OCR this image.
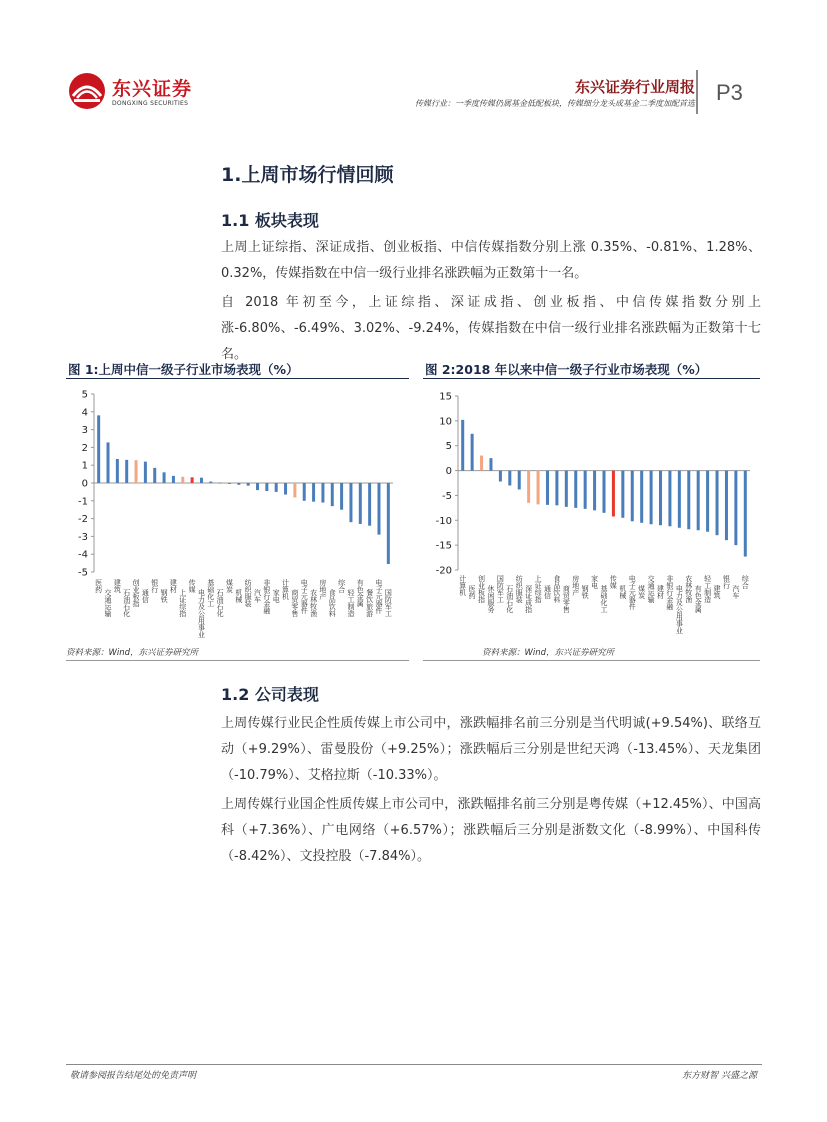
东兴证券
DONGXING SECURITIES
东兴证券行业周报
传媒行业：一季度传媒仍属基金低配板块，传媒细分龙头成基金二季度加配首选 P3
1.上周市场行情回顾
1.1 板块表现
上周上证综指、深证成指、创业板指、中信传媒指数分别上涨 0.35%、-0.81%、1.28%、0.32%，传媒指数在中信一级行业排名涨跌幅为正数第十一名。
自 2018 年初至今，上证综指、深证成指、创业板指、中信传媒指数分别上涨-6.80%、-6.49%、3.02%、-9.24%，传媒指数在中信一级行业排名涨跌幅为正数第十七名。
图 1:上周中信一级子行业市场表现（%）
5
4
3
2
1
0
-1
-2
-3
-4
-5
医药
交通运输
建筑
石油石化 创业板指 通信
银行
钢铁
建材
上证综指
传媒
电力及公用事业 基础化工 石油石化
煤炭
机械 纺织服装 汽车 非银行金融 家电 计算机 商贸零售 电子元器件 农林牧渔 房地产 食品饮料
综合
轻工制造 有色金属 餐饮旅游 电子元器件 国防军工
资料来源：Wind，东兴证券研究所
图 2:2018 年以来中信一级子行业市场表现（%）
15
10
5
0
-5
-10
-15
-20
计算机 医药 创业板指 休闲服务 国防军工 石油石化 纺织服装 深证成指 上证综指 通信 食品饮料 商贸零售 房地产 钢铁
家电
基础化工
传媒
机械 电子元器件 煤炭 交通运输 建材 非银行金融 电力及公用事业 农林牧渔 有色金属 轻工制造 建筑
银行
汽车
综合
资料来源：Wind，东兴证券研究所
1.2 公司表现
上周传媒行业民企性质传媒上市公司中，涨跌幅排名前三分别是当代明诚(+9.54%)、联络互动（+9.29%）、雷曼股份（+9.25%）；涨跌幅后三分别是世纪天鸿（-13.45%）、天龙集团（-10.79%）、艾格拉斯（-10.33%）。
上周传媒行业国企性质传媒上市公司中，涨跌幅排名前三分别是粤传媒（+12.45%）、中国高科（+7.36%）、广电网络（+6.57%）；涨跌幅后三分别是浙数文化（-8.99%）、中国科传（-8.42%）、文投控股（-7.84%）。
敬请参阅报告结尾处的免责声明	东方财智 兴盛之源
